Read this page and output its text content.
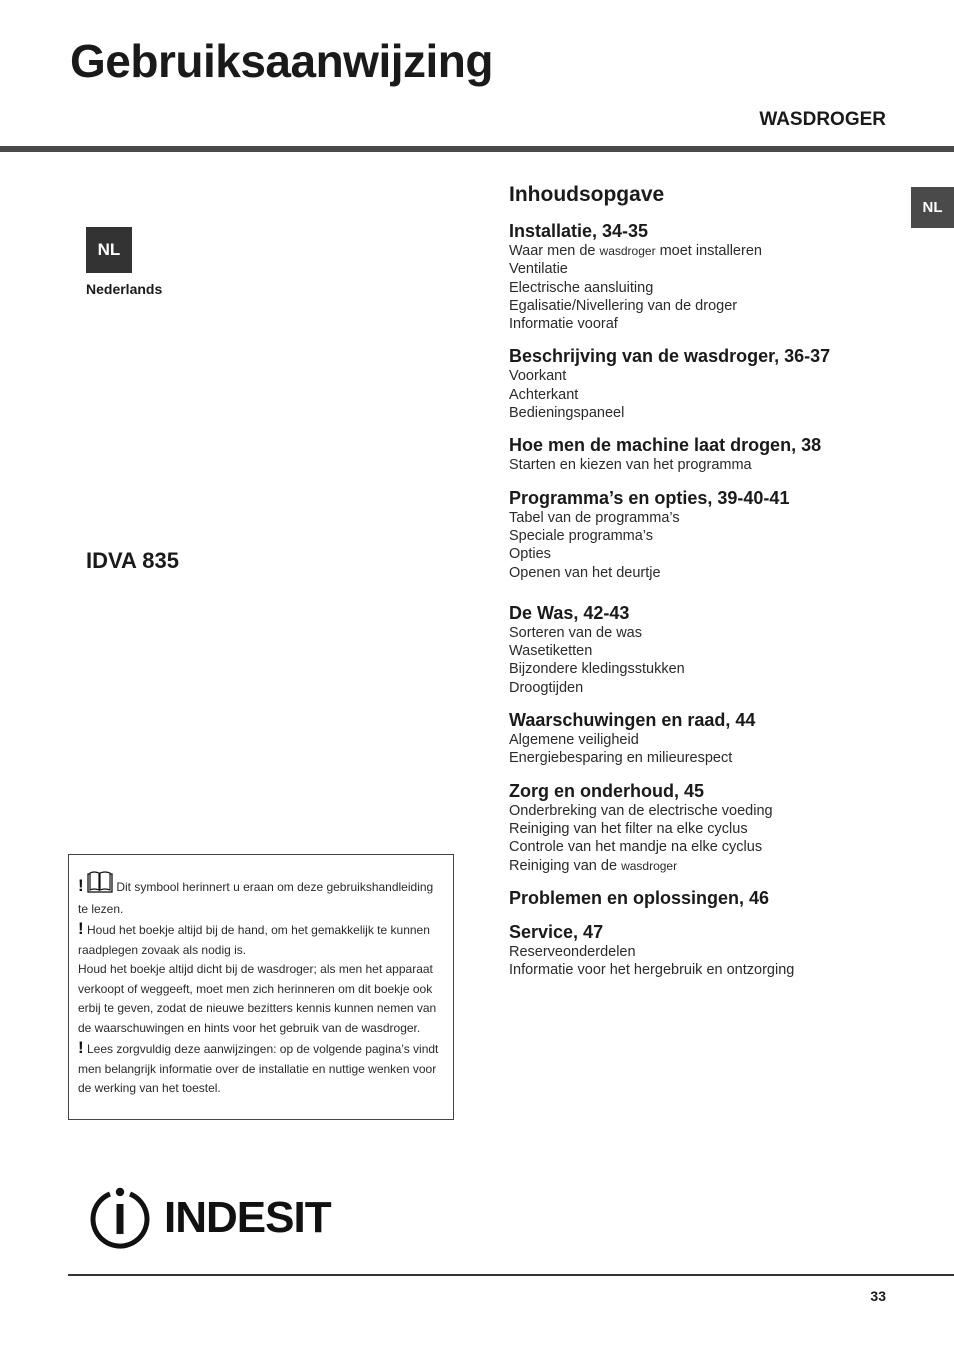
Gebruiksaanwijzing
WASDROGER
NL
NL
Nederlands
IDVA 835
Inhoudsopgave
Installatie, 34-35
Waar men de wasdroger moet installeren
Ventilatie
Electrische aansluiting
Egalisatie/Nivellering van de droger
Informatie vooraf
Beschrijving van de wasdroger, 36-37
Voorkant
Achterkant
Bedieningspaneel
Hoe men de machine laat drogen, 38
Starten en kiezen van het programma
Programma’s en opties, 39-40-41
Tabel van de programma’s
Speciale programma’s
Opties
Openen van het deurtje
De Was, 42-43
Sorteren van de was
Wasetiketten
Bijzondere kledingsstukken
Droogtijden
Waarschuwingen en raad, 44
Algemene veiligheid
Energiebesparing en milieurespect
Zorg en onderhoud, 45
Onderbreking van de electrische voeding
Reiniging van het filter na elke cyclus
Controle van het mandje na elke cyclus
Reiniging van de wasdroger
Problemen en oplossingen, 46
Service, 47
Reserveonderdelen
Informatie voor het hergebruik en ontzorging
!  Dit symbool herinnert u eraan om deze gebruikshandleiding te lezen.
! Houd het boekje altijd bij de hand, om het gemakkelijk te kunnen raadplegen zovaak als nodig is.
Houd het boekje altijd dicht bij de wasdroger; als men het apparaat verkoopt of weggeeft, moet men zich herinneren om dit boekje ook erbij te geven, zodat de nieuwe bezitters kennis kunnen nemen van de waarschuwingen en hints voor het gebruik van de wasdroger.
! Lees zorgvuldig deze aanwijzingen: op de volgende pagina’s vindt men belangrijk informatie over de installatie en nuttige wenken voor de werking van het toestel.
INDESIT
33
